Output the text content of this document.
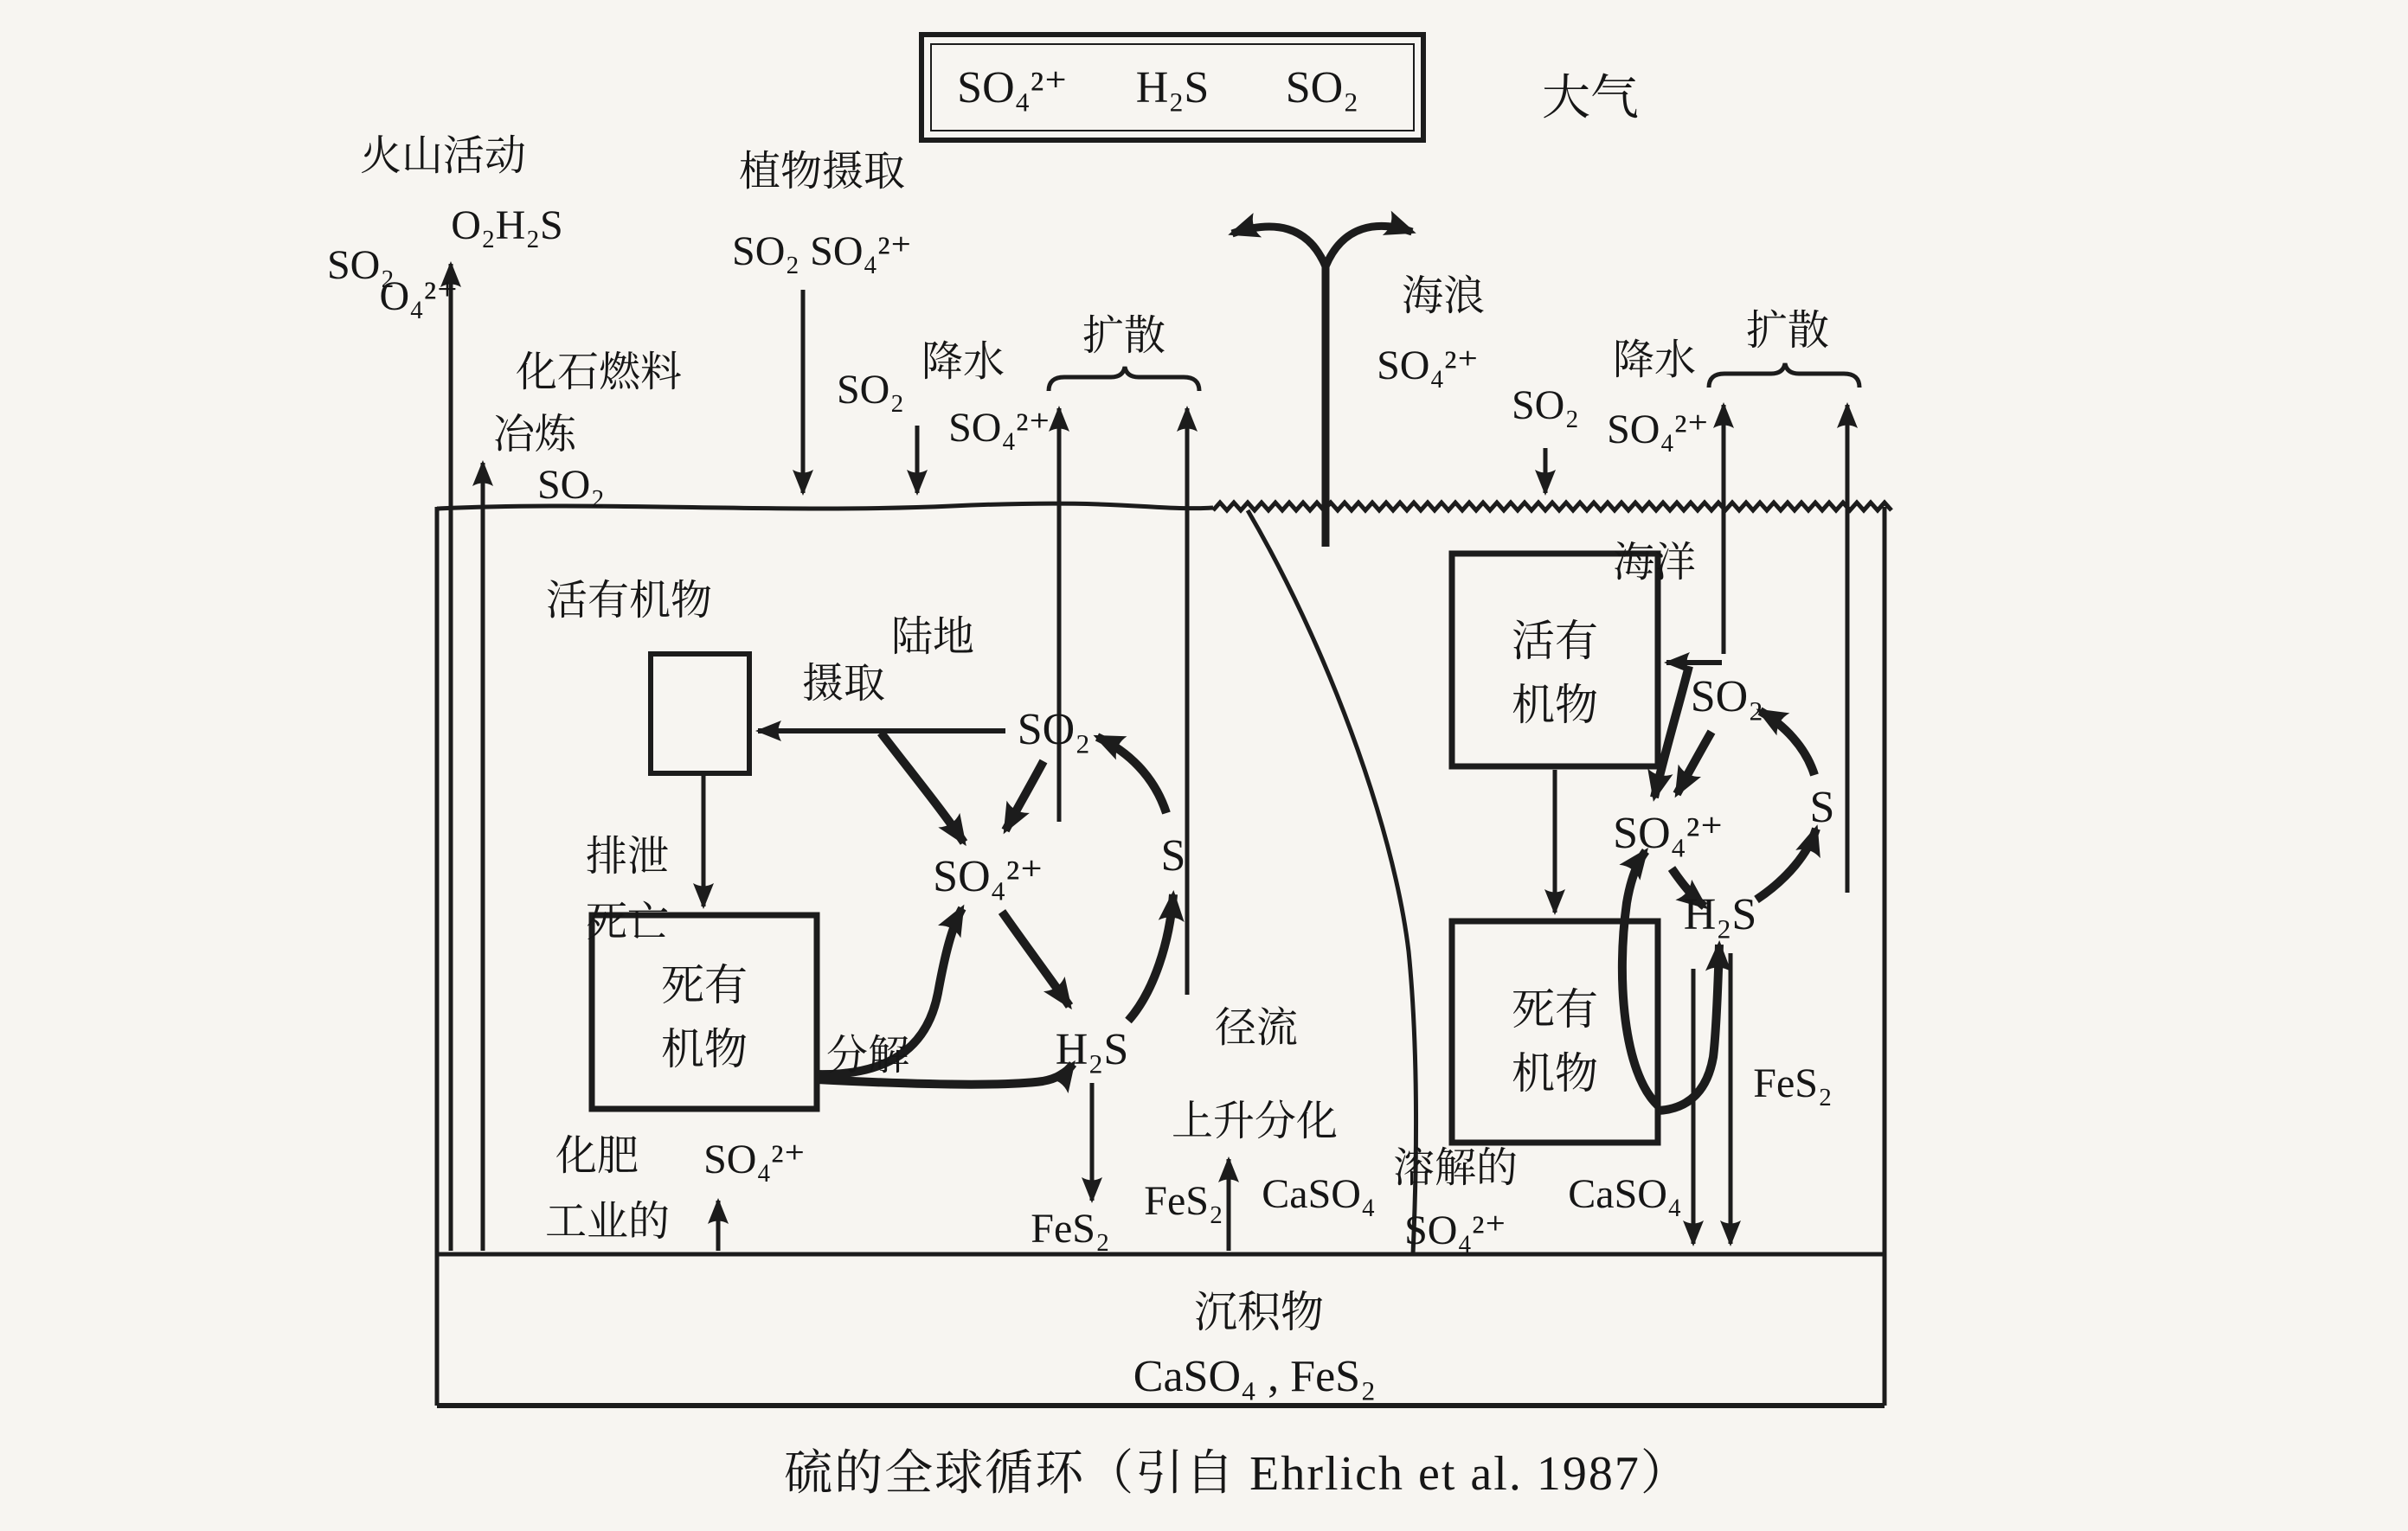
SO₄²⁺ H₂S SO₂	大气
火山活动
SO₂
O₂H₂S
O₄²⁺
化石燃料
冶炼
SO₂
植物摄取
SO₂ SO₄²⁺
SO₂
降水
SO₄²⁺
扩散
陆地
海浪
SO₄²⁺
SO₂
降水
SO₄²⁺
扩散
海洋
活有机物
摄取
排泄
死亡
死有
机物 分解
SO₂
SO₄²⁺	S
H₂S
FeS₂
径流
上升分化
FeS₂ CaSO₄
化肥
工业的
SO₄²⁺	溶解的
SO₄²⁺
活有
机物
死有
机物
SO₂
SO₄²⁺
S
H₂S
CaSO₄
FeS₂
沉积物
CaSO₄ , FeS₂
硫的全球循环（引自 Ehrlich et al. 1987）
